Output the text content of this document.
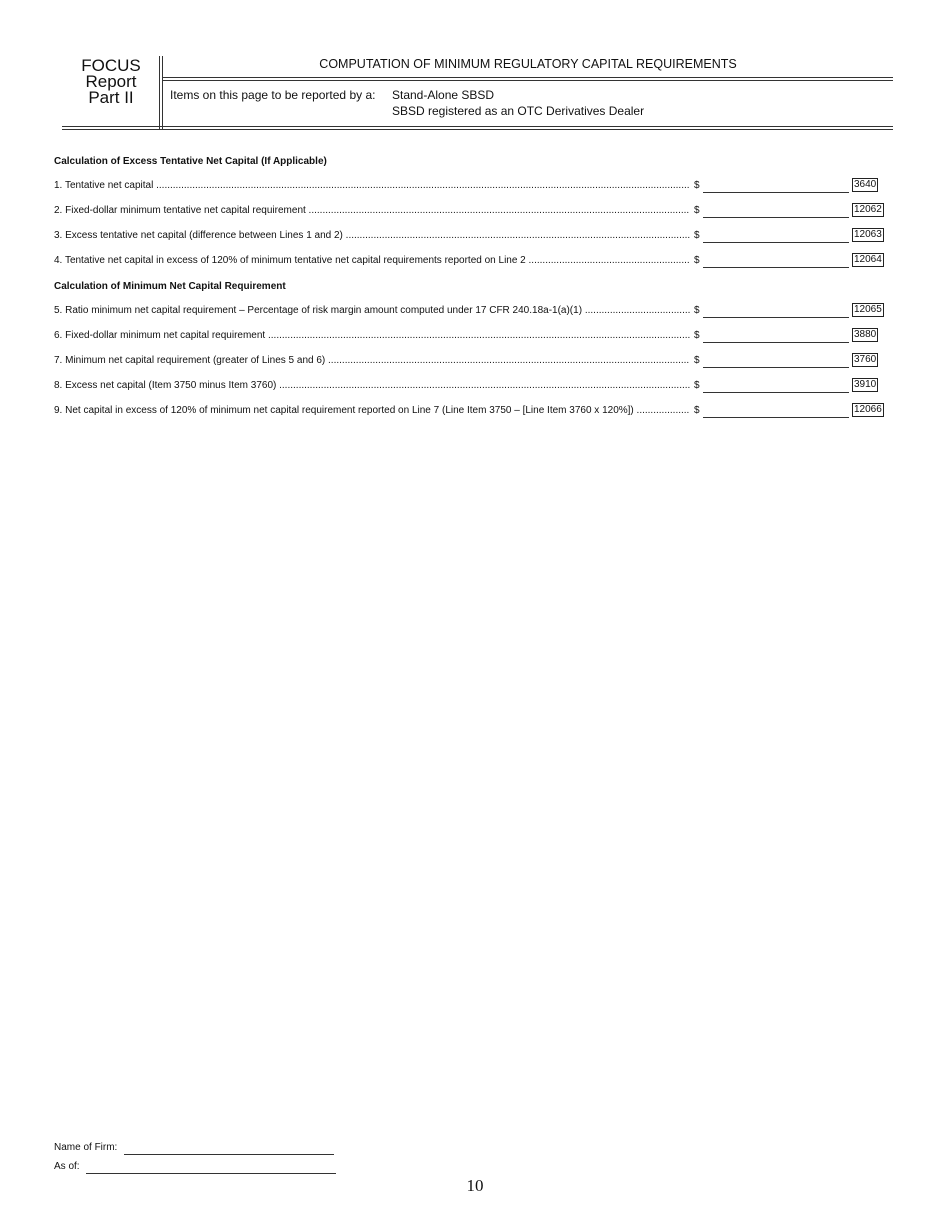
FOCUS
Report
Part II
COMPUTATION OF MINIMUM REGULATORY CAPITAL REQUIREMENTS
Items on this page to be reported by a: Stand-Alone SBSD
SBSD registered as an OTC Derivatives Dealer
Calculation of Excess Tentative Net Capital (If Applicable)
1. Tentative net capital .....	$	3640
2. Fixed-dollar minimum tentative net capital requirement .....	$	12062
3. Excess tentative net capital (difference between Lines 1 and 2) .....	$	12063
4. Tentative net capital in excess of 120% of minimum tentative net capital requirements reported on Line 2 .....	$	12064
Calculation of Minimum Net Capital Requirement
5. Ratio minimum net capital requirement – Percentage of risk margin amount computed under 17 CFR 240.18a-1(a)(1) .....	$	12065
6. Fixed-dollar minimum net capital requirement .....	$	3880
7. Minimum net capital requirement (greater of Lines 5 and 6) .....	$	3760
8. Excess net capital (Item 3750 minus Item 3760) .....	$	3910
9. Net capital in excess of 120% of minimum net capital requirement reported on Line 7 (Line Item 3750 – [Line Item 3760 x 120%]) .....	$	12066
Name of Firm:
As of:
10
